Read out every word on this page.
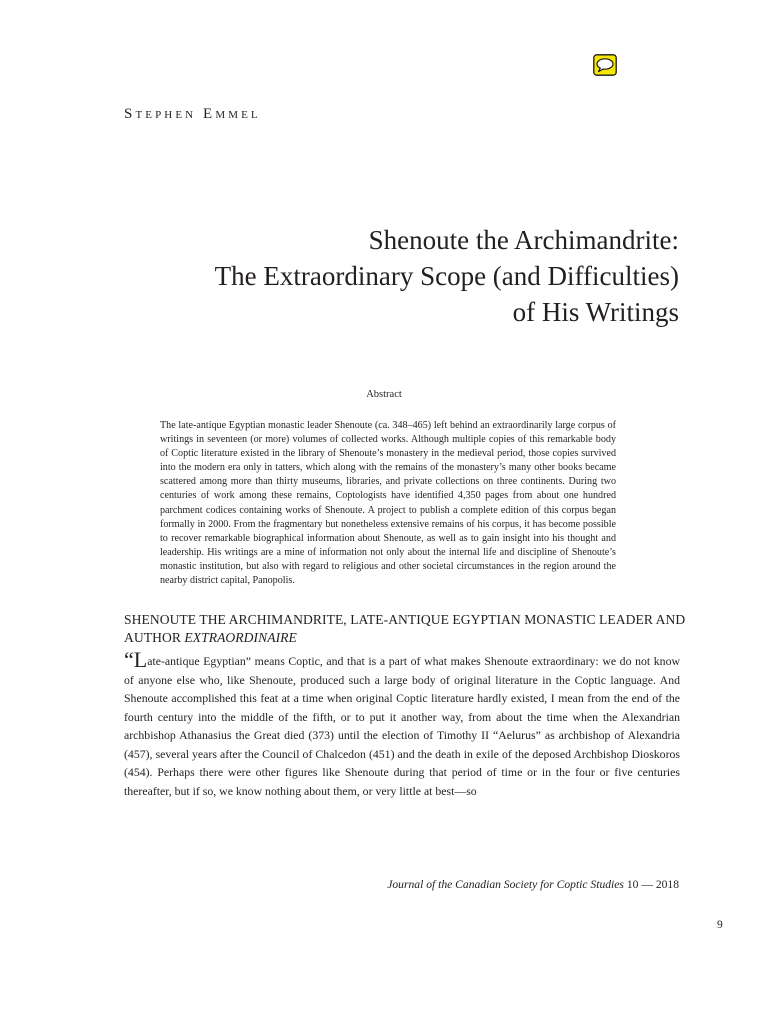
Stephen Emmel
Shenoute the Archimandrite:
The Extraordinary Scope (and Difficulties)
of His Writings
Abstract

The late-antique Egyptian monastic leader Shenoute (ca. 348–465) left behind an extraordinarily large corpus of writings in seventeen (or more) volumes of collected works. Although multiple copies of this remarkable body of Coptic literature existed in the library of Shenoute’s monastery in the medieval period, those copies survived into the modern era only in tatters, which along with the remains of the monastery’s many other books became scattered among more than thirty museums, libraries, and private collections on three continents. During two centuries of work among these remains, Coptologists have identified 4,350 pages from about one hundred parchment codices containing works of Shenoute. A project to publish a complete edition of this corpus began formally in 2000. From the fragmentary but nonetheless extensive remains of his corpus, it has become possible to recover remarkable biographical information about Shenoute, as well as to gain insight into his thought and leadership. His writings are a mine of information not only about the internal life and discipline of Shenoute’s monastic institution, but also with regard to religious and other societal circumstances in the region around the nearby district capital, Panopolis.

SHENOUTE THE ARCHIMANDRITE, LATE-ANTIQUE EGYPTIAN MONASTIC LEADER AND AUTHOR EXTRAORDINAIRE

“Late-antique Egyptian” means Coptic, and that is a part of what makes Shenoute extraordinary: we do not know of anyone else who, like Shenoute, produced such a large body of original literature in the Coptic language. And Shenoute accomplished this feat at a time when original Coptic literature hardly existed, I mean from the end of the fourth century into the middle of the fifth, or to put it another way, from about the time when the Alexandrian archbishop Athanasius the Great died (373) until the election of Timothy II “Aelurus” as archbishop of Alexandria (457), several years after the Council of Chalcedon (451) and the death in exile of the deposed Archbishop Dioskoros (454). Perhaps there were other figures like Shenoute during that period of time or in the four or five centuries thereafter, but if so, we know nothing about them, or very little at best—so

Journal of the Canadian Society for Coptic Studies 10 — 2018
9
